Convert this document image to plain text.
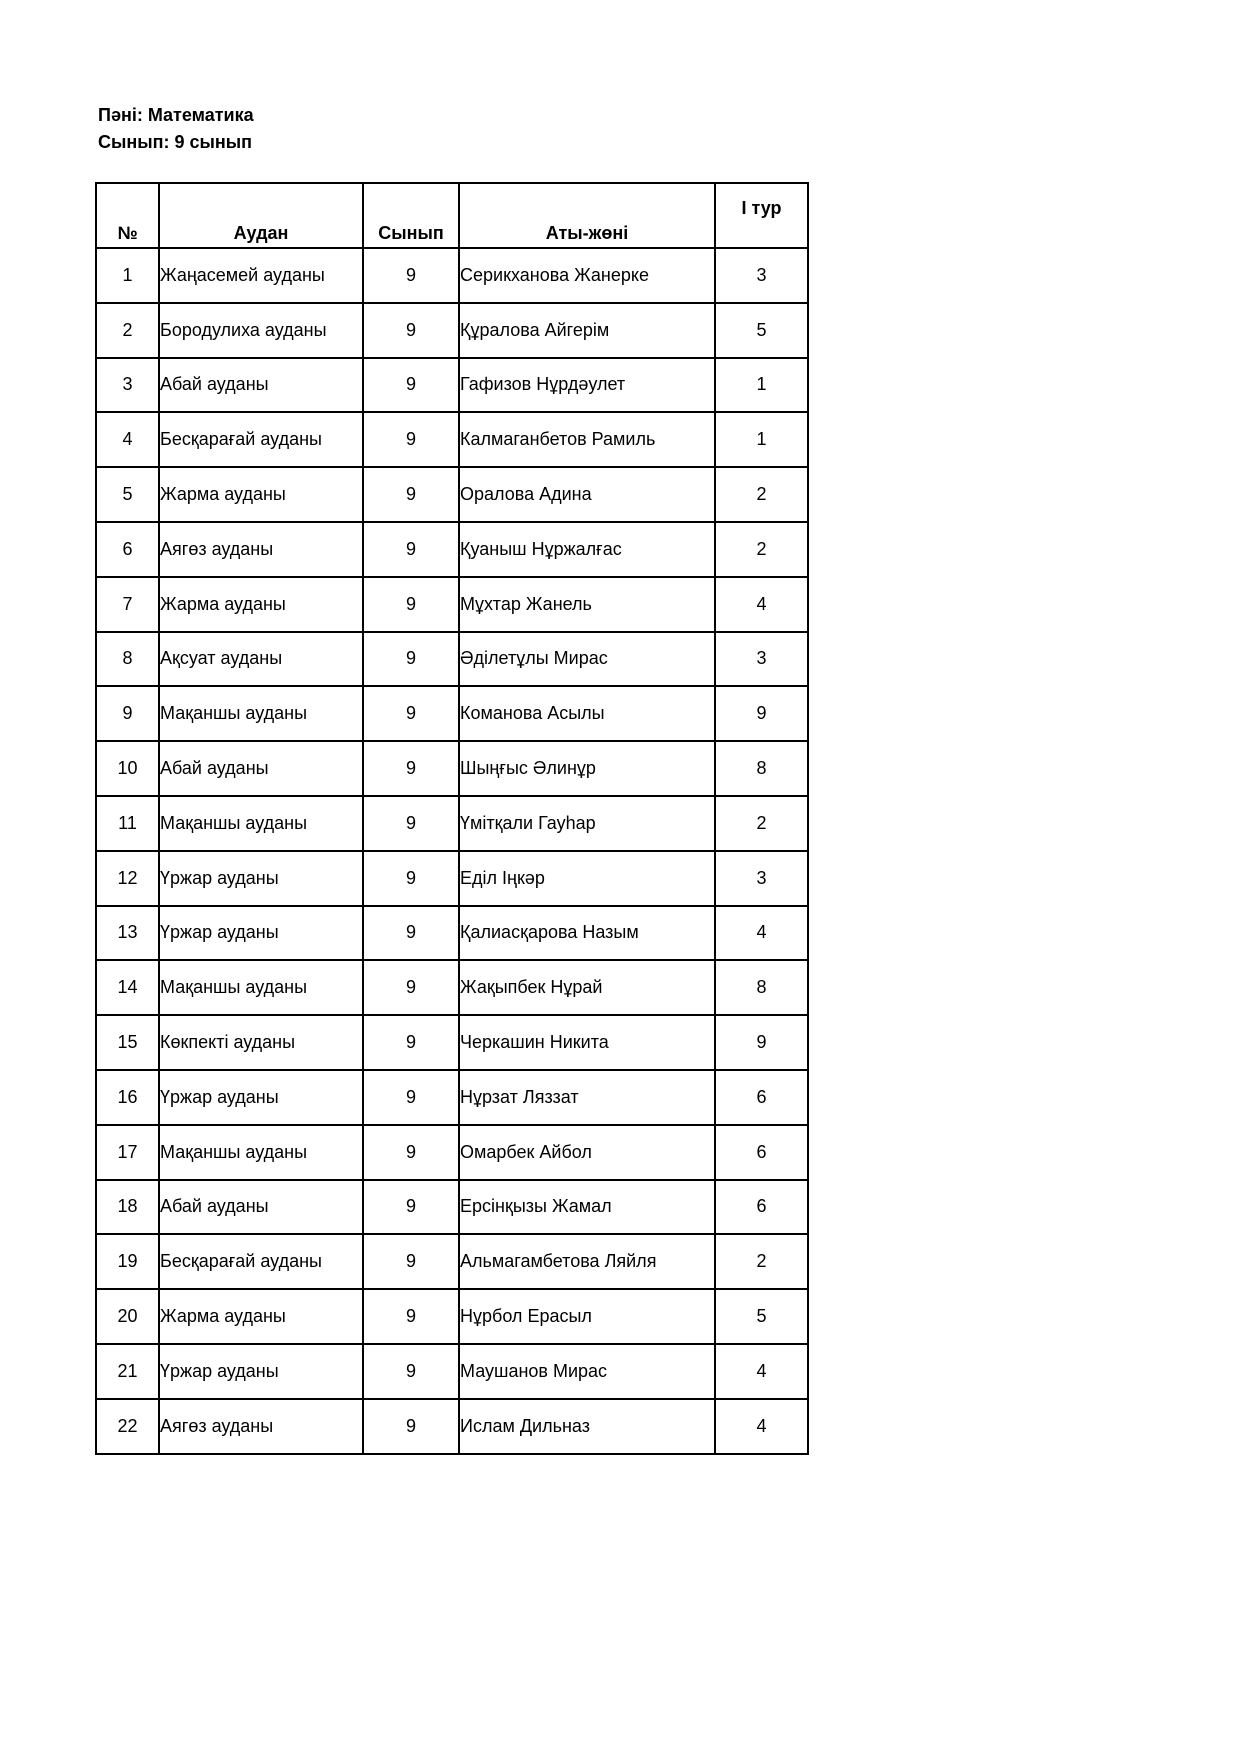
Пәні: Математика
Сынып: 9 сынып
№	Аудан	Сынып	Аты-жөні	I тур
1	Жаңасемей ауданы	9	Серикханова Жанерке	3
2	Бородулиха ауданы	9	Құралова Айгерім	5
3	Абай ауданы	9	Гафизов Нұрдәулет	1
4	Бесқарағай ауданы	9	Калмаганбетов Рамиль	1
5	Жарма ауданы	9	Оралова Адина	2
6	Аягөз ауданы	9	Қуаныш Нұржалғас	2
7	Жарма ауданы	9	Мұхтар Жанель	4
8	Ақсуат ауданы	9	Әділетұлы Мирас	3
9	Мақаншы ауданы	9	Команова Асылы	9
10	Абай ауданы	9	Шыңғыс Әлинұр	8
11	Мақаншы ауданы	9	Үмітқали Гауһар	2
12	Үржар ауданы	9	Еділ Іңкәр	3
13	Үржар ауданы	9	Қалиасқарова Назым	4
14	Мақаншы ауданы	9	Жақыпбек Нұрай	8
15	Көкпекті ауданы	9	Черкашин Никита	9
16	Үржар ауданы	9	Нұрзат Ляззат	6
17	Мақаншы ауданы	9	Омарбек Айбол	6
18	Абай ауданы	9	Ерсінқызы Жамал	6
19	Бесқарағай ауданы	9	Альмагамбетова Ляйля	2
20	Жарма ауданы	9	Нұрбол Ерасыл	5
21	Үржар ауданы	9	Маушанов Мирас	4
22	Аягөз ауданы	9	Ислам Дильназ	4
